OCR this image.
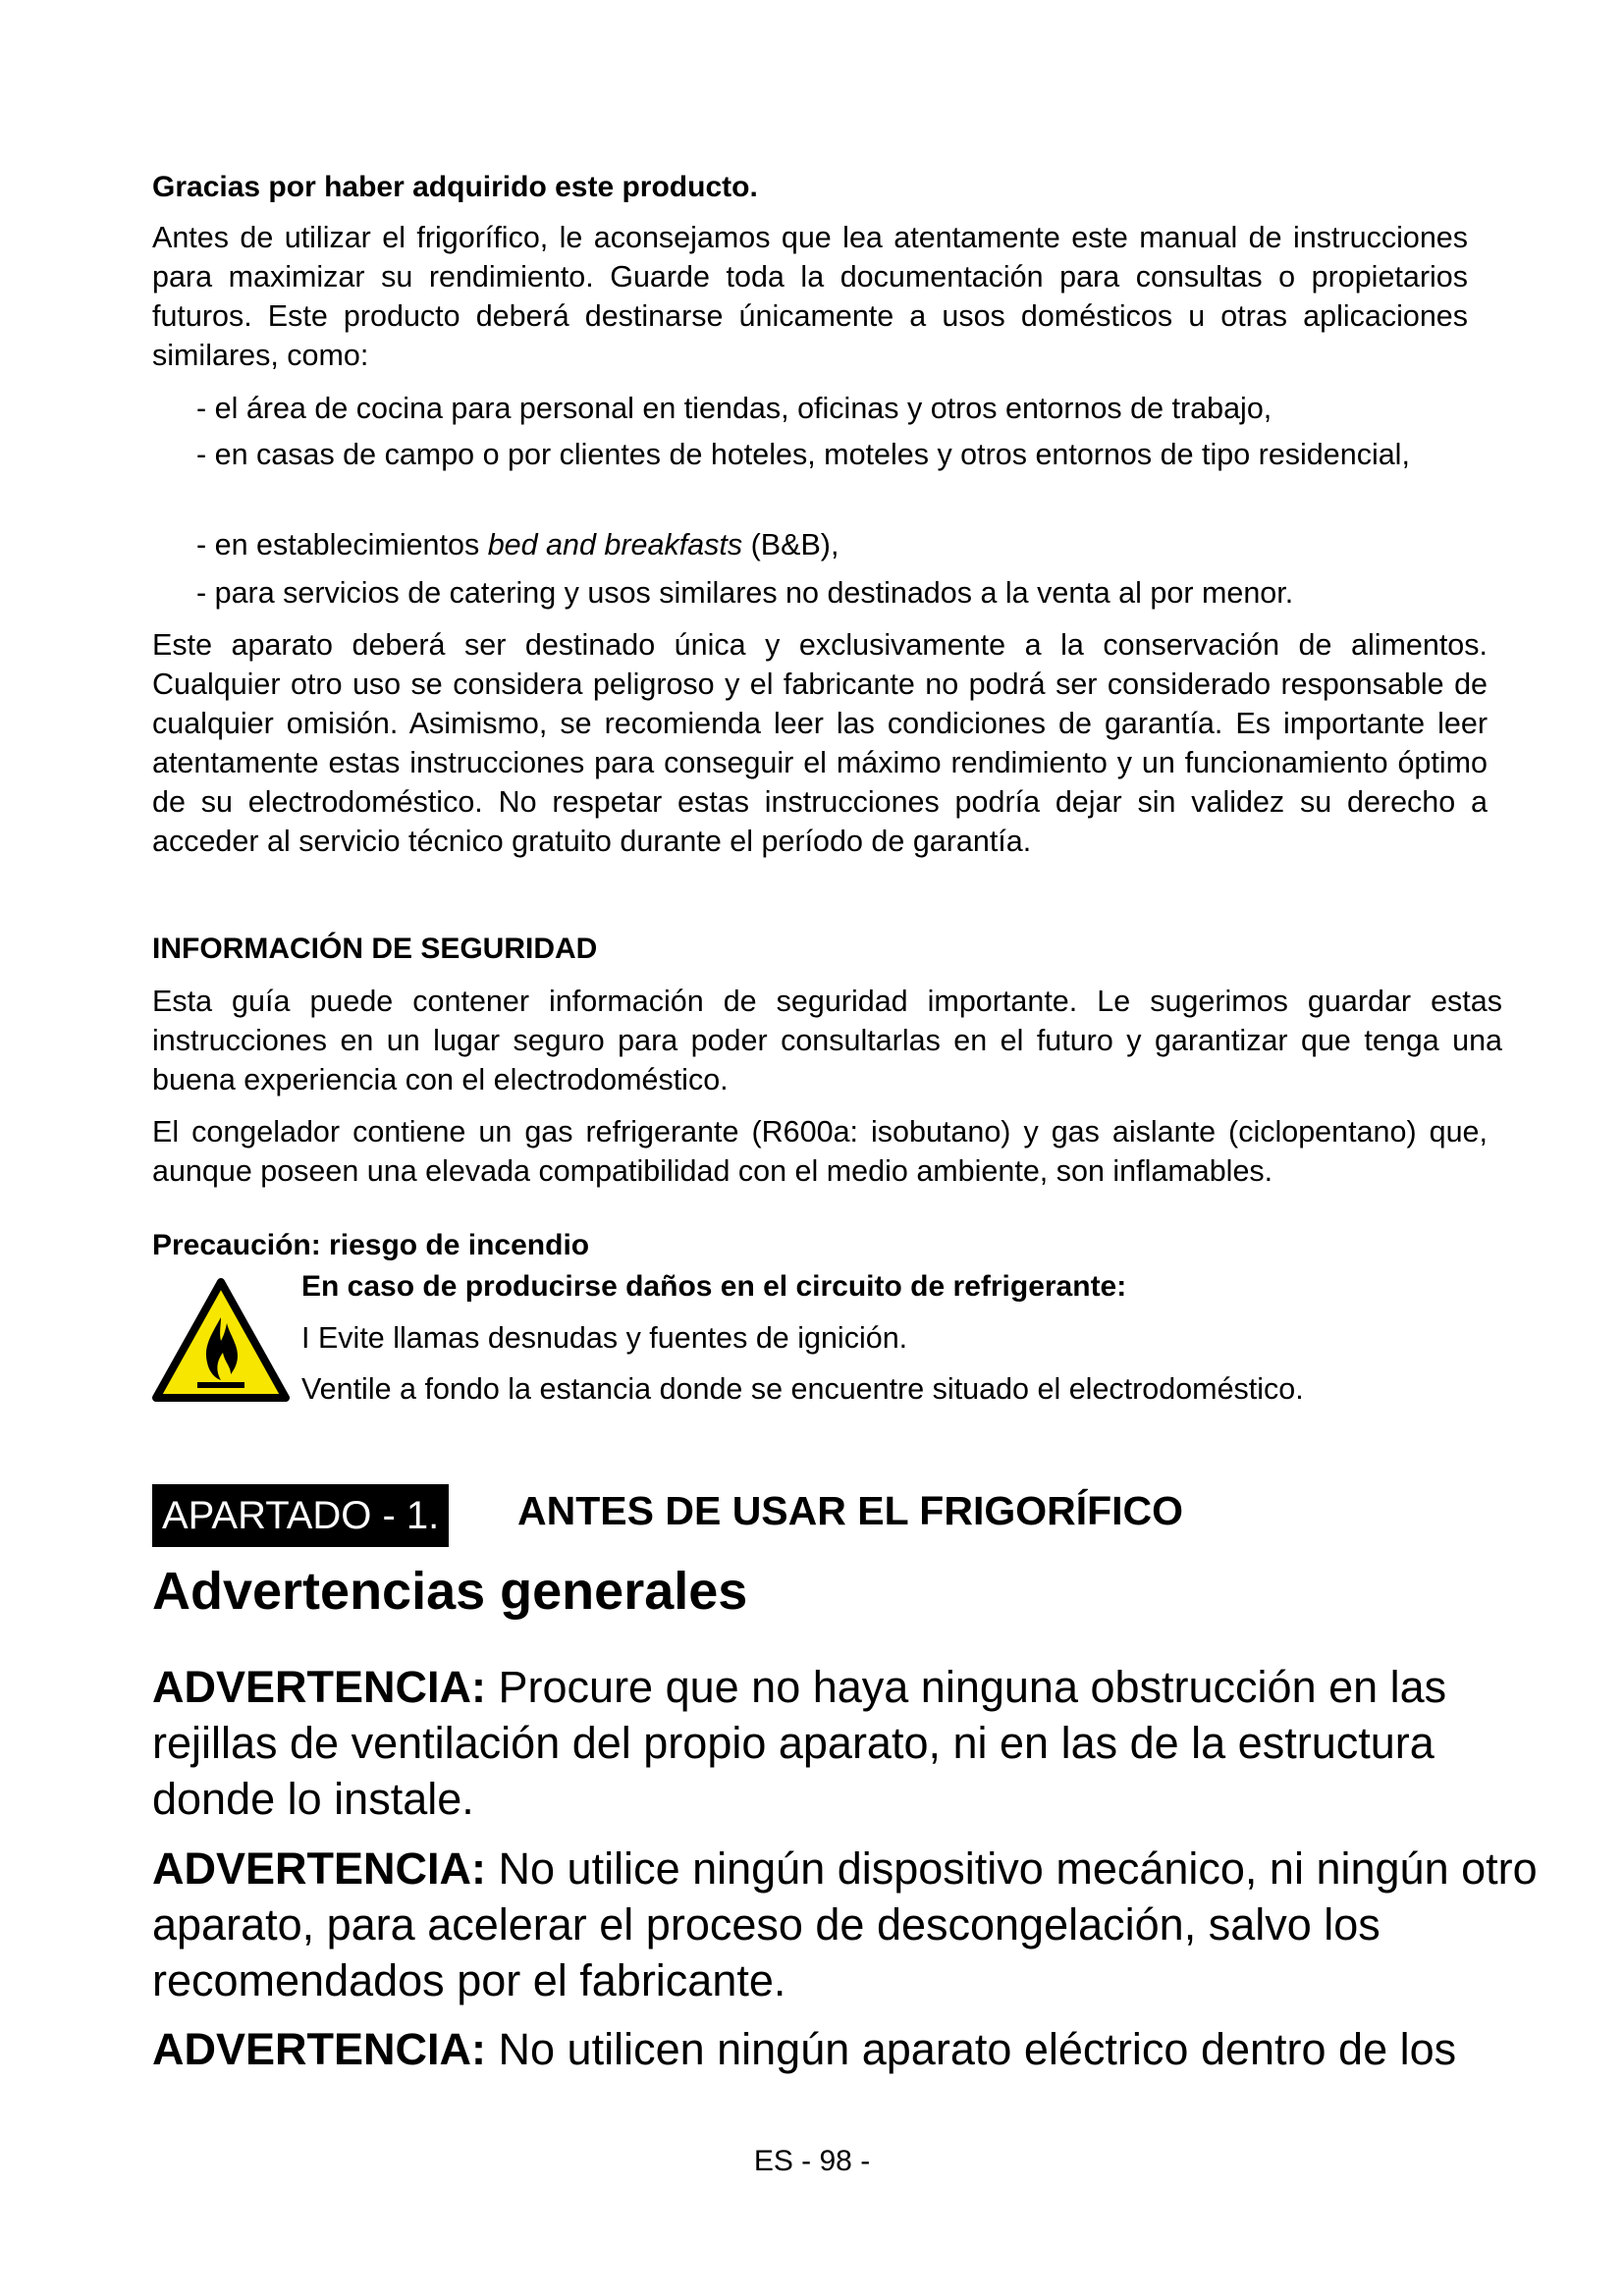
Gracias por haber adquirido este producto.

Antes de utilizar el frigorífico, le aconsejamos que lea atentamente este manual de instrucciones para maximizar su rendimiento. Guarde toda la documentación para consultas o propietarios futuros. Este producto deberá destinarse únicamente a usos domésticos u otras aplicaciones similares, como:

- el área de cocina para personal en tiendas, oficinas y otros entornos de trabajo,

- en casas de campo o por clientes de hoteles, moteles y otros entornos de tipo residencial,

- en establecimientos bed and breakfasts (B&B),

- para servicios de catering y usos similares no destinados a la venta al por menor.

Este aparato deberá ser destinado única y exclusivamente a la conservación de alimentos. Cualquier otro uso se considera peligroso y el fabricante no podrá ser considerado responsable de cualquier omisión. Asimismo, se recomienda leer las condiciones de garantía. Es importante leer atentamente estas instrucciones para conseguir el máximo rendimiento y un funcionamiento óptimo de su electrodoméstico. No respetar estas instrucciones podría dejar sin validez su derecho a acceder al servicio técnico gratuito durante el período de garantía.

INFORMACIÓN DE SEGURIDAD

Esta guía puede contener información de seguridad importante. Le sugerimos guardar estas instrucciones en un lugar seguro para poder consultarlas en el futuro y garantizar que tenga una buena experiencia con el electrodoméstico.

El congelador contiene un gas refrigerante (R600a: isobutano) y gas aislante (ciclopentano) que, aunque poseen una elevada compatibilidad con el medio ambiente, son inflamables.

Precaución: riesgo de incendio

En caso de producirse daños en el circuito de refrigerante:

I Evite llamas desnudas y fuentes de ignición.

Ventile a fondo la estancia donde se encuentre situado el electrodoméstico.

APARTADO - 1. ANTES DE USAR EL FRIGORÍFICO

Advertencias generales

ADVERTENCIA: Procure que no haya ninguna obstrucción en las rejillas de ventilación del propio aparato, ni en las de la estructura donde lo instale.

ADVERTENCIA: No utilice ningún dispositivo mecánico, ni ningún otro aparato, para acelerar el proceso de descongelación, salvo los recomendados por el fabricante.

ADVERTENCIA: No utilicen ningún aparato eléctrico dentro de los

ES - 98 -
